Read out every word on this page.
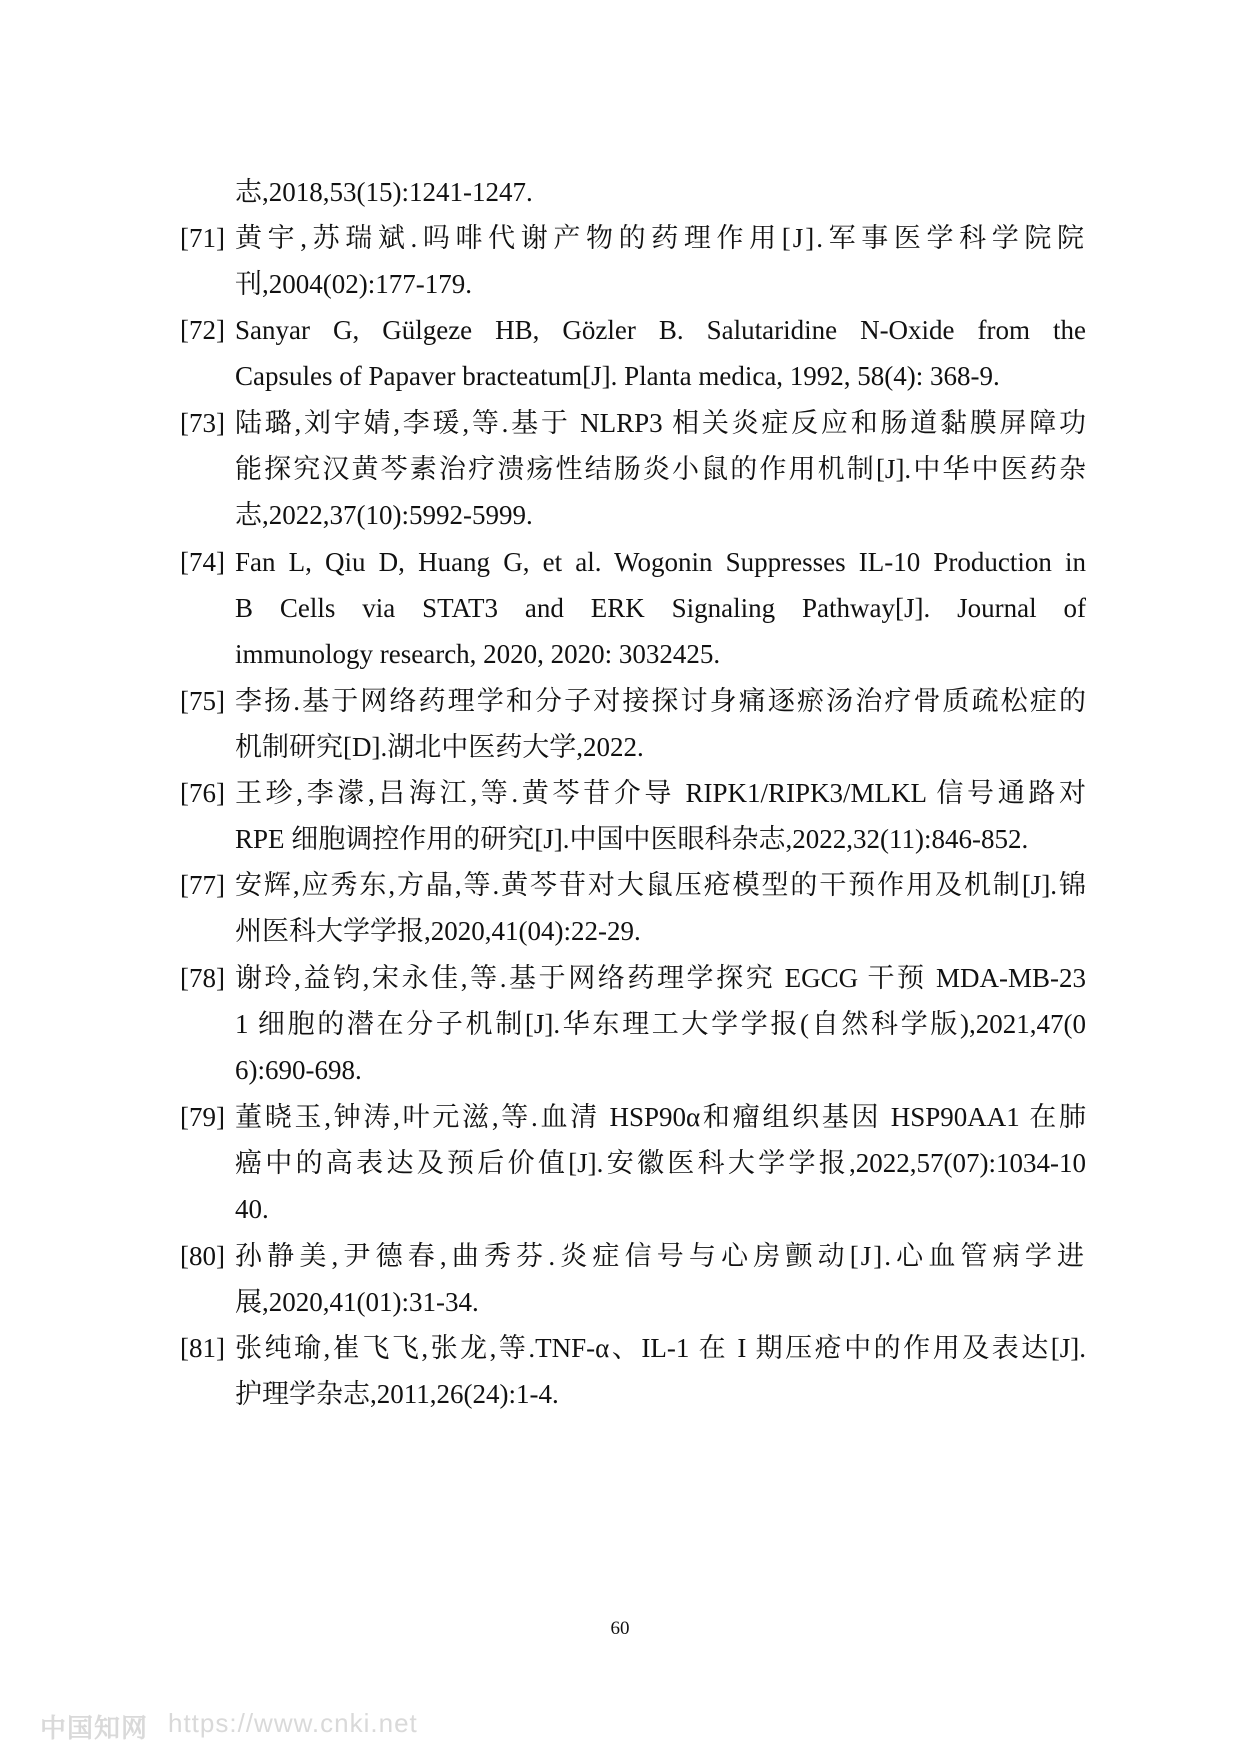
志,2018,53(15):1241-1247.
[71] 黄宇,苏瑞斌.吗啡代谢产物的药理作用[J].军事医学科学院院
刊,2004(02):177-179.
[72] Sanyar G, Gülgeze HB, Gözler B. Salutaridine N-Oxide from the
Capsules of Papaver bracteatum[J]. Planta medica, 1992, 58(4): 368-9.
[73] 陆璐,刘宇婧,李瑗,等.基于 NLRP3 相关炎症反应和肠道黏膜屏障功
能探究汉黄芩素治疗溃疡性结肠炎小鼠的作用机制[J].中华中医药杂
志,2022,37(10):5992-5999.
[74] Fan L, Qiu D, Huang G, et al. Wogonin Suppresses IL-10 Production in
B Cells via STAT3 and ERK Signaling Pathway[J]. Journal of
immunology research, 2020, 2020: 3032425.
[75] 李扬.基于网络药理学和分子对接探讨身痛逐瘀汤治疗骨质疏松症的
机制研究[D].湖北中医药大学,2022.
[76] 王珍,李濛,吕海江,等.黄芩苷介导 RIPK1/RIPK3/MLKL 信号通路对
RPE 细胞调控作用的研究[J].中国中医眼科杂志,2022,32(11):846-852.
[77] 安辉,应秀东,方晶,等.黄芩苷对大鼠压疮模型的干预作用及机制[J].锦
州医科大学学报,2020,41(04):22-29.
[78] 谢玲,益钧,宋永佳,等.基于网络药理学探究 EGCG 干预 MDA-MB-23
1 细胞的潜在分子机制[J].华东理工大学学报(自然科学版),2021,47(0
6):690-698.
[79] 董晓玉,钟涛,叶元滋,等.血清 HSP90α和瘤组织基因 HSP90AA1 在肺
癌中的高表达及预后价值[J].安徽医科大学学报,2022,57(07):1034-10
40.
[80] 孙静美,尹德春,曲秀芬.炎症信号与心房颤动[J].心血管病学进
展,2020,41(01):31-34.
[81] 张纯瑜,崔飞飞,张龙,等.TNF-α、IL-1 在 I 期压疮中的作用及表达[J].
护理学杂志,2011,26(24):1-4.
60
中国知网 https://www.cnki.net
